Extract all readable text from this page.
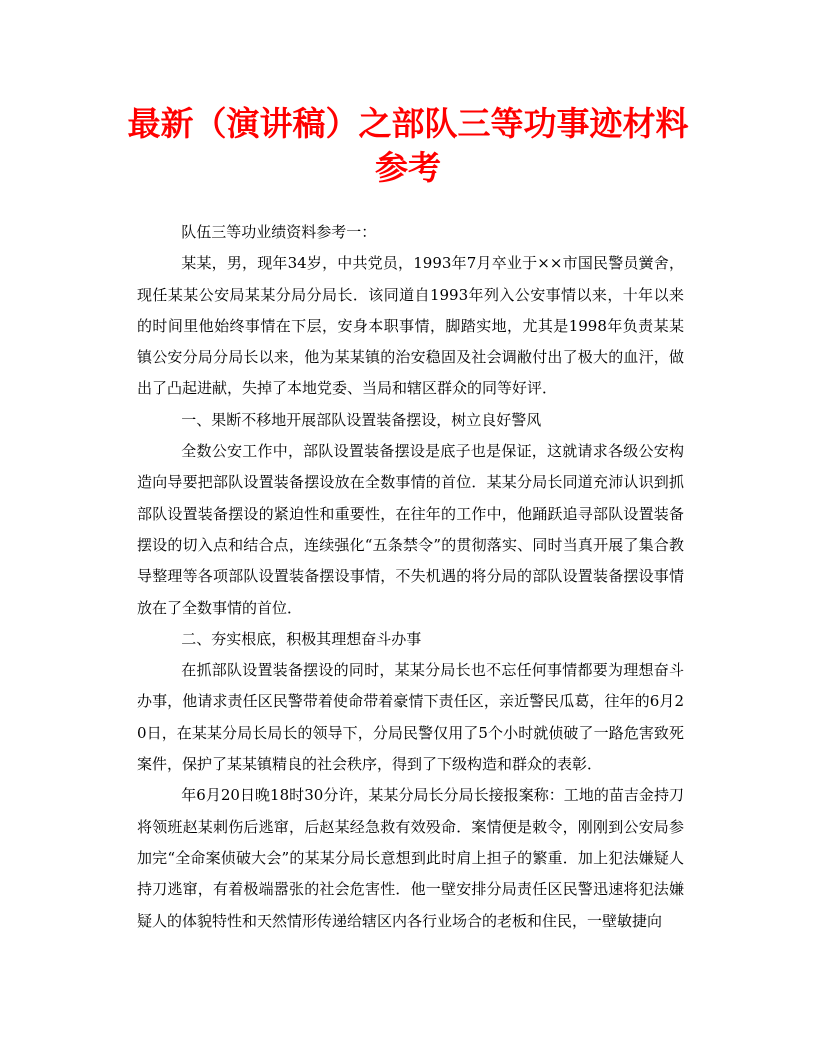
最新（演讲稿）之部队三等功事迹材料参考

队伍三等功业绩资料参考一：

某某，男，现年34岁，中共党员，1993年7月卒业于××市国民警员黉舍，现任某某公安局某某分局分局长．该同道自1993年列入公安事情以来，十年以来的时间里他始终事情在下层，安身本职事情，脚踏实地，尤其是1998年负责某某镇公安分局分局长以来，他为某某镇的治安稳固及社会调敝付出了极大的血汗，做出了凸起进献，失掉了本地党委、当局和辖区群众的同等好评．

一、果断不移地开展部队设置装备摆设，树立良好警风

全数公安工作中，部队设置装备摆设是底子也是保证，这就请求各级公安构造向导要把部队设置装备摆设放在全数事情的首位．某某分局长同道充沛认识到抓部队设置装备摆设的紧迫性和重要性，在往年的工作中，他踊跃追寻部队设置装备摆设的切入点和结合点，连续强化“五条禁令”的贯彻落实、同时当真开展了集合教导整理等各项部队设置装备摆设事情，不失机遇的将分局的部队设置装备摆设事情放在了全数事情的首位．

二、夯实根底，积极其理想奋斗办事

在抓部队设置装备摆设的同时，某某分局长也不忘任何事情都要为理想奋斗办事，他请求责任区民警带着使命带着豪情下责任区，亲近警民瓜葛，往年的6月20日，在某某分局长局长的领导下，分局民警仅用了5个小时就侦破了一路危害致死案件，保护了某某镇精良的社会秩序，得到了下级构造和群众的表彰．

年6月20日晚18时30分许，某某分局长分局长接报案称：工地的苗吉金持刀将领班赵某刺伤后逃窜，后赵某经急救有效殁命．案情便是敕令，刚刚到公安局参加完“全命案侦破大会”的某某分局长意想到此时肩上担子的繁重．加上犯法嫌疑人持刀逃窜，有着极端嚣张的社会危害性．他一壁安排分局责任区民警迅速将犯法嫌疑人的体貌特性和天然情形传递给辖区内各行业场合的老板和住民，一壁敏捷向
